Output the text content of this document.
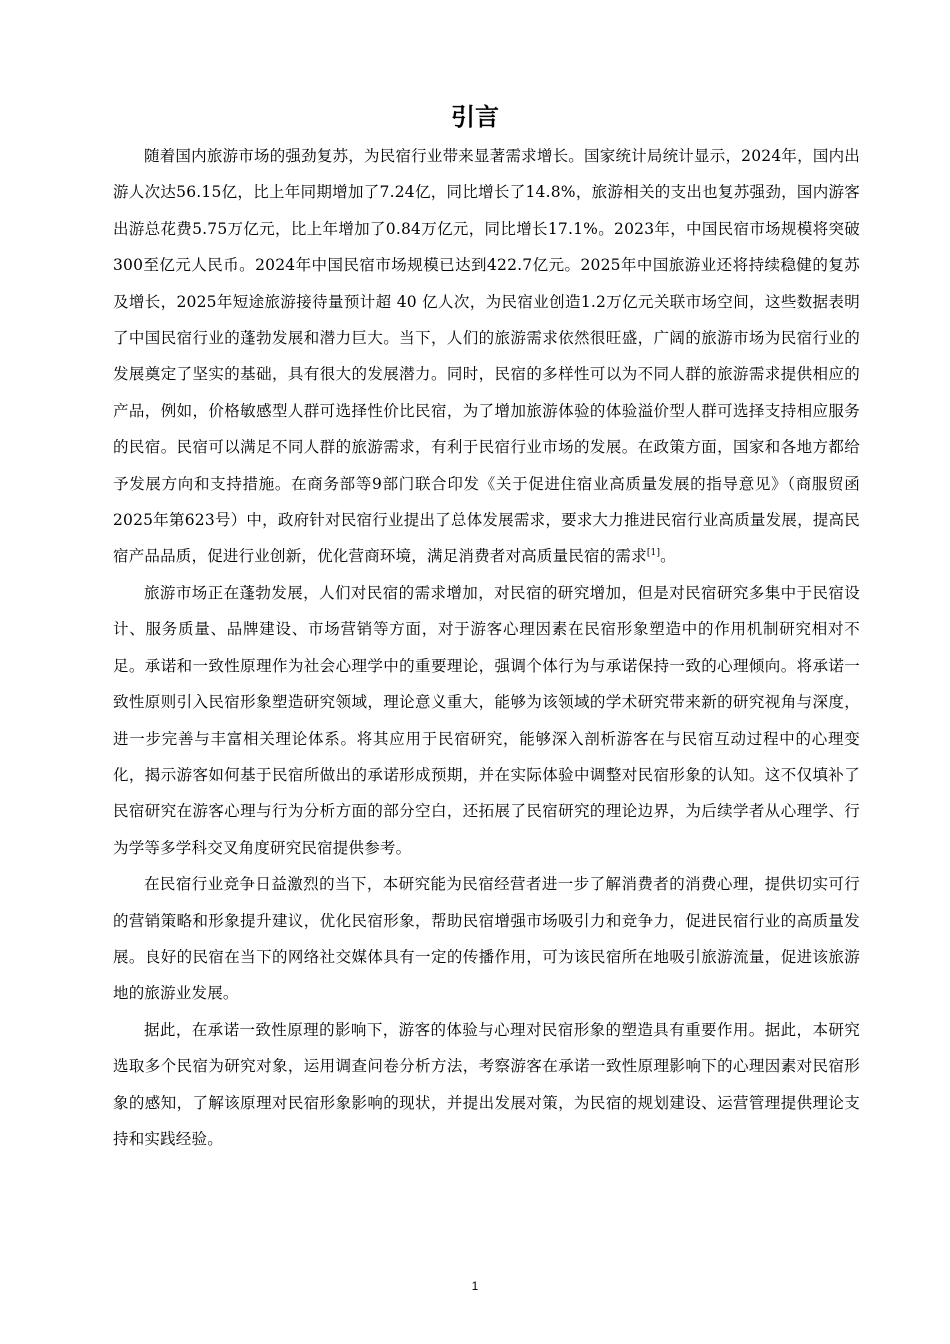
引言

随着国内旅游市场的强劲复苏，为民宿行业带来显著需求增长。国家统计局统计显示，2024年，国内出游人次达56.15亿，比上年同期增加了7.24亿，同比增长了14.8%，旅游相关的支出也复苏强劲，国内游客出游总花费5.75万亿元，比上年增加了0.84万亿元，同比增长17.1%。2023年，中国民宿市场规模将突破300至亿元人民币。2024年中国民宿市场规模已达到422.7亿元。2025年中国旅游业还将持续稳健的复苏及增长，2025年短途旅游接待量预计超 40 亿人次，为民宿业创造1.2万亿元关联市场空间，这些数据表明了中国民宿行业的蓬勃发展和潜力巨大。当下，人们的旅游需求依然很旺盛，广阔的旅游市场为民宿行业的发展奠定了坚实的基础，具有很大的发展潜力。同时，民宿的多样性可以为不同人群的旅游需求提供相应的产品，例如，价格敏感型人群可选择性价比民宿，为了增加旅游体验的体验溢价型人群可选择支持相应服务的民宿。民宿可以满足不同人群的旅游需求，有利于民宿行业市场的发展。在政策方面，国家和各地方都给予发展方向和支持措施。在商务部等9部门联合印发《关于促进住宿业高质量发展的指导意见》（商服贸函2025年第623号）中，政府针对民宿行业提出了总体发展需求，要求大力推进民宿行业高质量发展，提高民宿产品品质，促进行业创新，优化营商环境，满足消费者对高质量民宿的需求[1]。

旅游市场正在蓬勃发展，人们对民宿的需求增加，对民宿的研究增加，但是对民宿研究多集中于民宿设计、服务质量、品牌建设、市场营销等方面，对于游客心理因素在民宿形象塑造中的作用机制研究相对不足。承诺和一致性原理作为社会心理学中的重要理论，强调个体行为与承诺保持一致的心理倾向。将承诺一致性原则引入民宿形象塑造研究领域，理论意义重大，能够为该领域的学术研究带来新的研究视角与深度，进一步完善与丰富相关理论体系。将其应用于民宿研究，能够深入剖析游客在与民宿互动过程中的心理变化，揭示游客如何基于民宿所做出的承诺形成预期，并在实际体验中调整对民宿形象的认知。这不仅填补了民宿研究在游客心理与行为分析方面的部分空白，还拓展了民宿研究的理论边界，为后续学者从心理学、行为学等多学科交叉角度研究民宿提供参考。

在民宿行业竞争日益激烈的当下，本研究能为民宿经营者进一步了解消费者的消费心理，提供切实可行的营销策略和形象提升建议，优化民宿形象，帮助民宿增强市场吸引力和竞争力，促进民宿行业的高质量发展。良好的民宿在当下的网络社交媒体具有一定的传播作用，可为该民宿所在地吸引旅游流量，促进该旅游地的旅游业发展。

据此，在承诺一致性原理的影响下，游客的体验与心理对民宿形象的塑造具有重要作用。据此，本研究选取多个民宿为研究对象，运用调查问卷分析方法，考察游客在承诺一致性原理影响下的心理因素对民宿形象的感知，了解该原理对民宿形象影响的现状，并提出发展对策，为民宿的规划建设、运营管理提供理论支持和实践经验。

1
